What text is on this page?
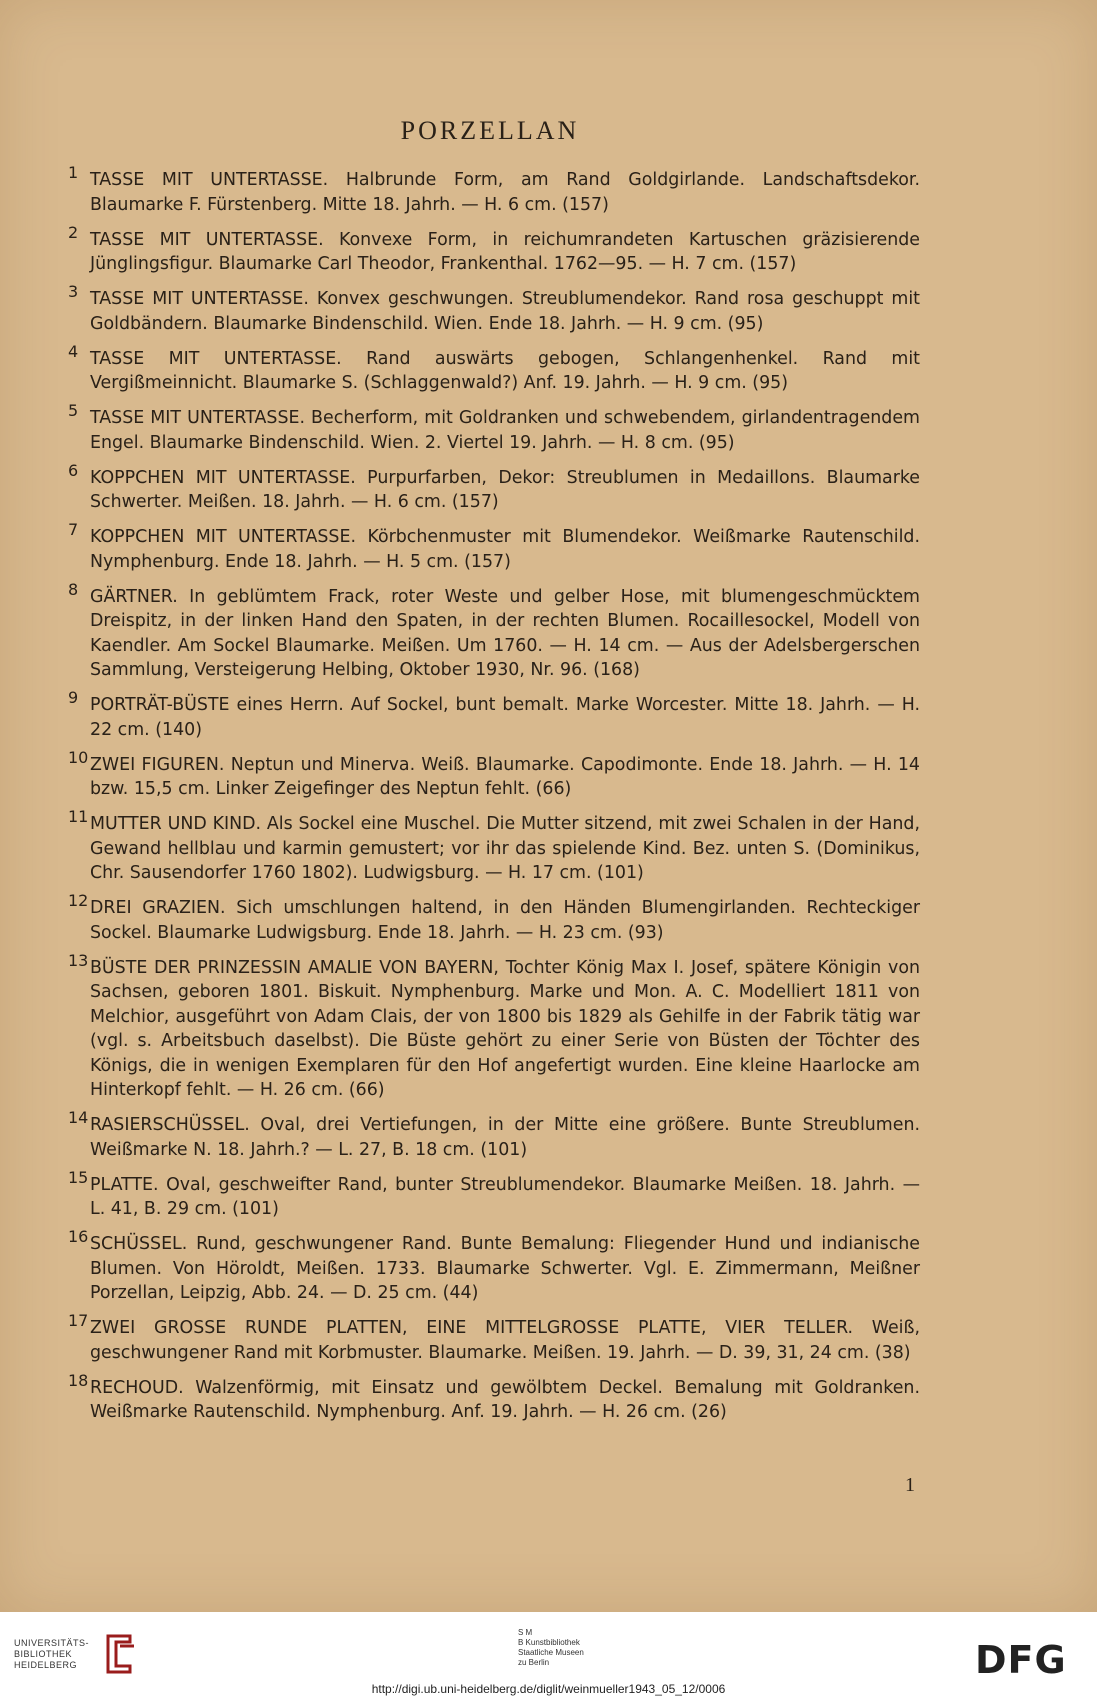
PORZELLAN
1 TASSE MIT UNTERTASSE. Halbrunde Form, am Rand Goldgirlande. Landschaftsdekor. Blaumarke F. Fürstenberg. Mitte 18. Jahrh. — H. 6 cm. (157)
2 TASSE MIT UNTERTASSE. Konvexe Form, in reichumrandeten Kartuschen gräzisierende Jünglingsfigur. Blaumarke Carl Theodor, Frankenthal. 1762—95. — H. 7 cm. (157)
3 TASSE MIT UNTERTASSE. Konvex geschwungen. Streublumendekor. Rand rosa geschuppt mit Goldbändern. Blaumarke Bindenschild. Wien. Ende 18. Jahrh. — H. 9 cm. (95)
4 TASSE MIT UNTERTASSE. Rand auswärts gebogen, Schlangenhenkel. Rand mit Vergißmeinnicht. Blaumarke S. (Schlaggenwald?) Anf. 19. Jahrh. — H. 9 cm. (95)
5 TASSE MIT UNTERTASSE. Becherform, mit Goldranken und schwebendem, girlandentragendem Engel. Blaumarke Bindenschild. Wien. 2. Viertel 19. Jahrh. — H. 8 cm. (95)
6 KOPPCHEN MIT UNTERTASSE. Purpurfarben, Dekor: Streublumen in Medaillons. Blaumarke Schwerter. Meißen. 18. Jahrh. — H. 6 cm. (157)
7 KOPPCHEN MIT UNTERTASSE. Körbchenmuster mit Blumendekor. Weißmarke Rautenschild. Nymphenburg. Ende 18. Jahrh. — H. 5 cm. (157)
8 GÄRTNER. In geblümtem Frack, roter Weste und gelber Hose, mit blumengeschmücktem Dreispitz, in der linken Hand den Spaten, in der rechten Blumen. Rocaillesockel, Modell von Kaendler. Am Sockel Blaumarke. Meißen. Um 1760. — H. 14 cm. — Aus der Adelsbergerschen Sammlung, Versteigerung Helbing, Oktober 1930, Nr. 96. (168)
9 PORTRÄT-BÜSTE eines Herrn. Auf Sockel, bunt bemalt. Marke Worcester. Mitte 18. Jahrh. — H. 22 cm. (140)
10 ZWEI FIGUREN. Neptun und Minerva. Weiß. Blaumarke. Capodimonte. Ende 18. Jahrh. — H. 14 bzw. 15,5 cm. Linker Zeigefinger des Neptun fehlt. (66)
11 MUTTER UND KIND. Als Sockel eine Muschel. Die Mutter sitzend, mit zwei Schalen in der Hand, Gewand hellblau und karmin gemustert; vor ihr das spielende Kind. Bez. unten S. (Dominikus, Chr. Sausendorfer 1760 1802). Ludwigsburg. — H. 17 cm. (101)
12 DREI GRAZIEN. Sich umschlungen haltend, in den Händen Blumengirlanden. Rechteckiger Sockel. Blaumarke Ludwigsburg. Ende 18. Jahrh. — H. 23 cm. (93)
13 BÜSTE DER PRINZESSIN AMALIE VON BAYERN, Tochter König Max I. Josef, spätere Königin von Sachsen, geboren 1801. Biskuit. Nymphenburg. Marke und Mon. A. C. Modelliert 1811 von Melchior, ausgeführt von Adam Clais, der von 1800 bis 1829 als Gehilfe in der Fabrik tätig war (vgl. s. Arbeitsbuch daselbst). Die Büste gehört zu einer Serie von Büsten der Töchter des Königs, die in wenigen Exemplaren für den Hof angefertigt wurden. Eine kleine Haarlocke am Hinterkopf fehlt. — H. 26 cm. (66)
14 RASIERSCHÜSSEL. Oval, drei Vertiefungen, in der Mitte eine größere. Bunte Streublumen. Weißmarke N. 18. Jahrh.? — L. 27, B. 18 cm. (101)
15 PLATTE. Oval, geschweifter Rand, bunter Streublumendekor. Blaumarke Meißen. 18. Jahrh. — L. 41, B. 29 cm. (101)
16 SCHÜSSEL. Rund, geschwungener Rand. Bunte Bemalung: Fliegender Hund und indianische Blumen. Von Höroldt, Meißen. 1733. Blaumarke Schwerter. Vgl. E. Zimmermann, Meißner Porzellan, Leipzig, Abb. 24. — D. 25 cm. (44)
17 ZWEI GROSSE RUNDE PLATTEN, EINE MITTELGROSSE PLATTE, VIER TELLER. Weiß, geschwungener Rand mit Korbmuster. Blaumarke. Meißen. 19. Jahrh. — D. 39, 31, 24 cm. (38)
18 RECHOUD. Walzenförmig, mit Einsatz und gewölbtem Deckel. Bemalung mit Goldranken. Weißmarke Rautenschild. Nymphenburg. Anf. 19. Jahrh. — H. 26 cm. (26)
1
UNIVERSITÄTS-
BIBLIOTHEK
HEIDELBERG
S M
B Kunstbibliothek
Staatliche Museen
zu Berlin	DFG
http://digi.ub.uni-heidelberg.de/diglit/weinmueller1943_05_12/0006
